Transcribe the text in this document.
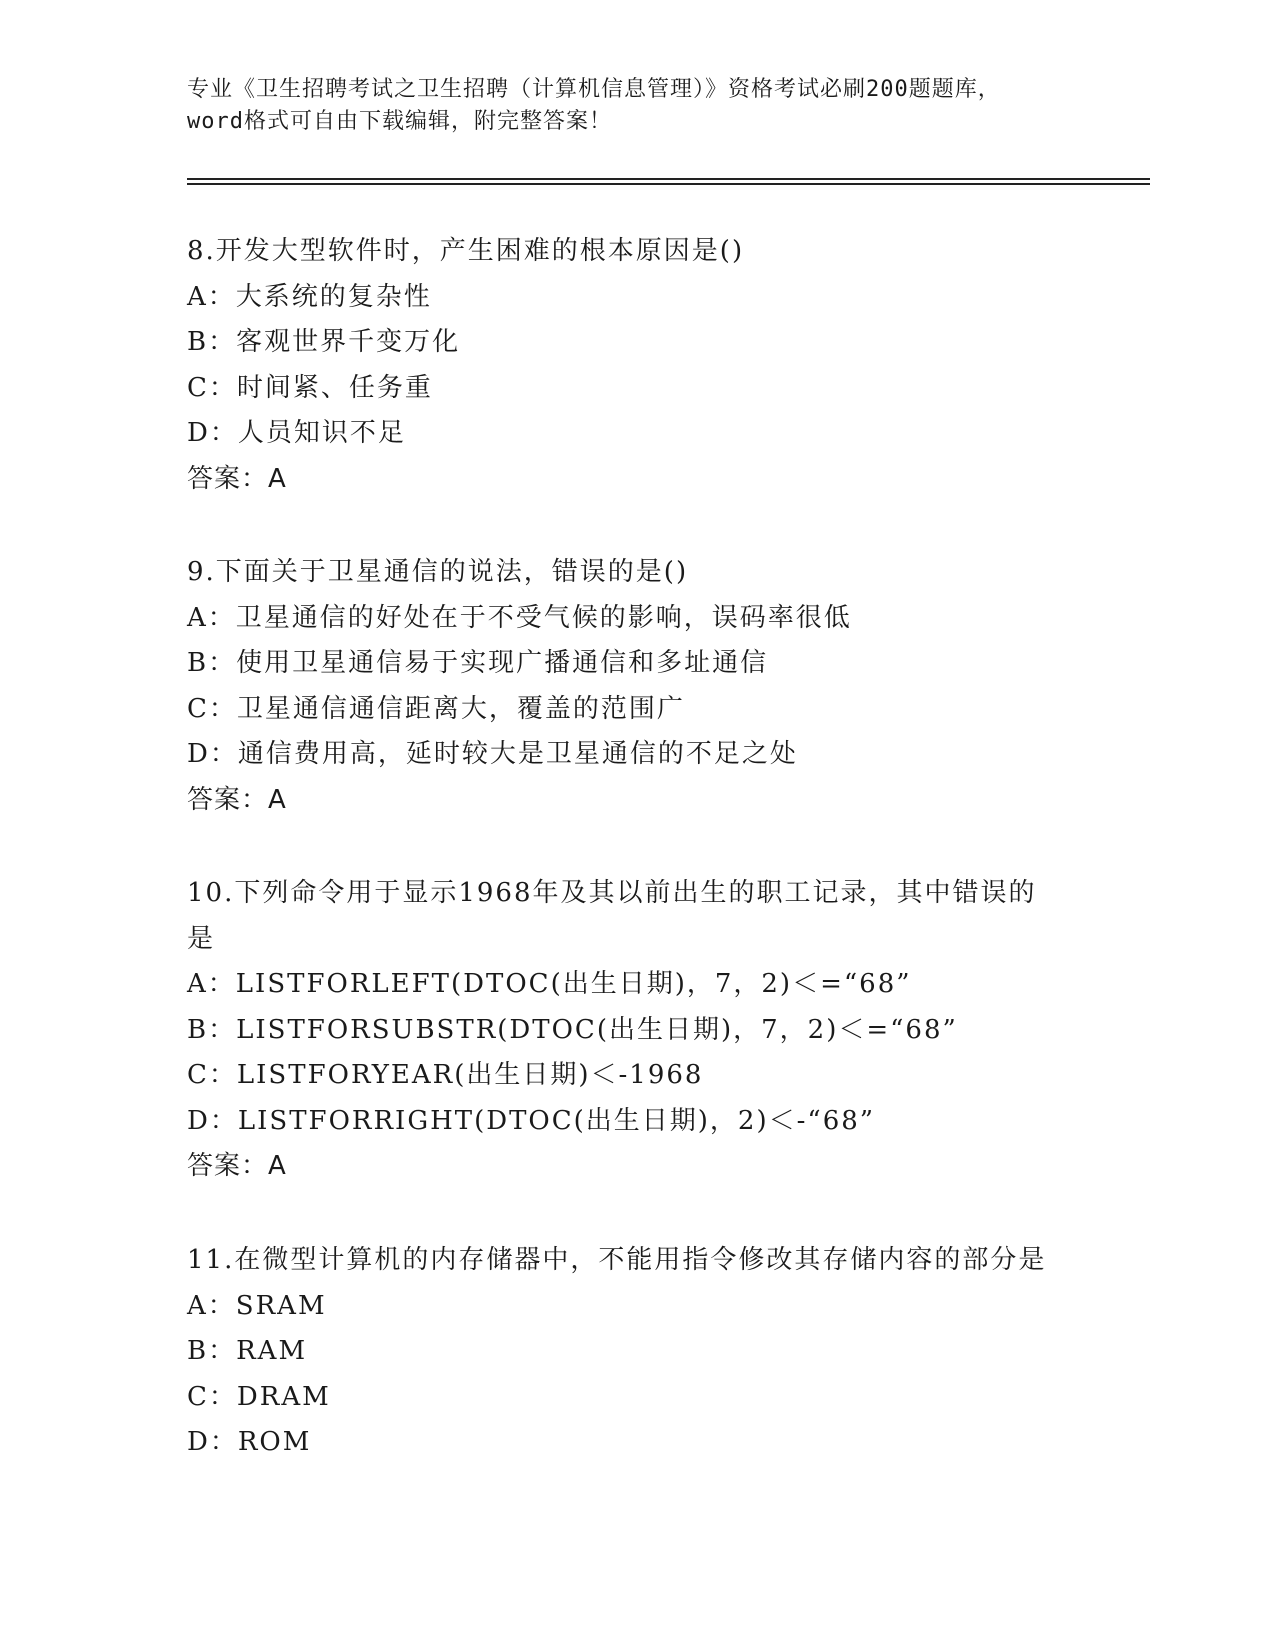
专业《卫生招聘考试之卫生招聘（计算机信息管理）》资格考试必刷200题题库，
word格式可自由下载编辑，附完整答案！
8.开发大型软件时，产生困难的根本原因是()
A：大系统的复杂性
B：客观世界千变万化
C：时间紧、任务重
D：人员知识不足
答案：A
9.下面关于卫星通信的说法，错误的是()
A：卫星通信的好处在于不受气候的影响，误码率很低
B：使用卫星通信易于实现广播通信和多址通信
C：卫星通信通信距离大，覆盖的范围广
D：通信费用高，延时较大是卫星通信的不足之处
答案：A
10.下列命令用于显示1968年及其以前出生的职工记录，其中错误的
是
A：LISTFORLEFT(DTOC(出生日期)，7，2)＜=“68”
B：LISTFORSUBSTR(DTOC(出生日期)，7，2)＜=“68”
C：LISTFORYEAR(出生日期)＜-1968
D：LISTFORRIGHT(DTOC(出生日期)，2)＜-“68”
答案：A
11.在微型计算机的内存储器中，不能用指令修改其存储内容的部分是
A：SRAM
B：RAM
C：DRAM
D：ROM
